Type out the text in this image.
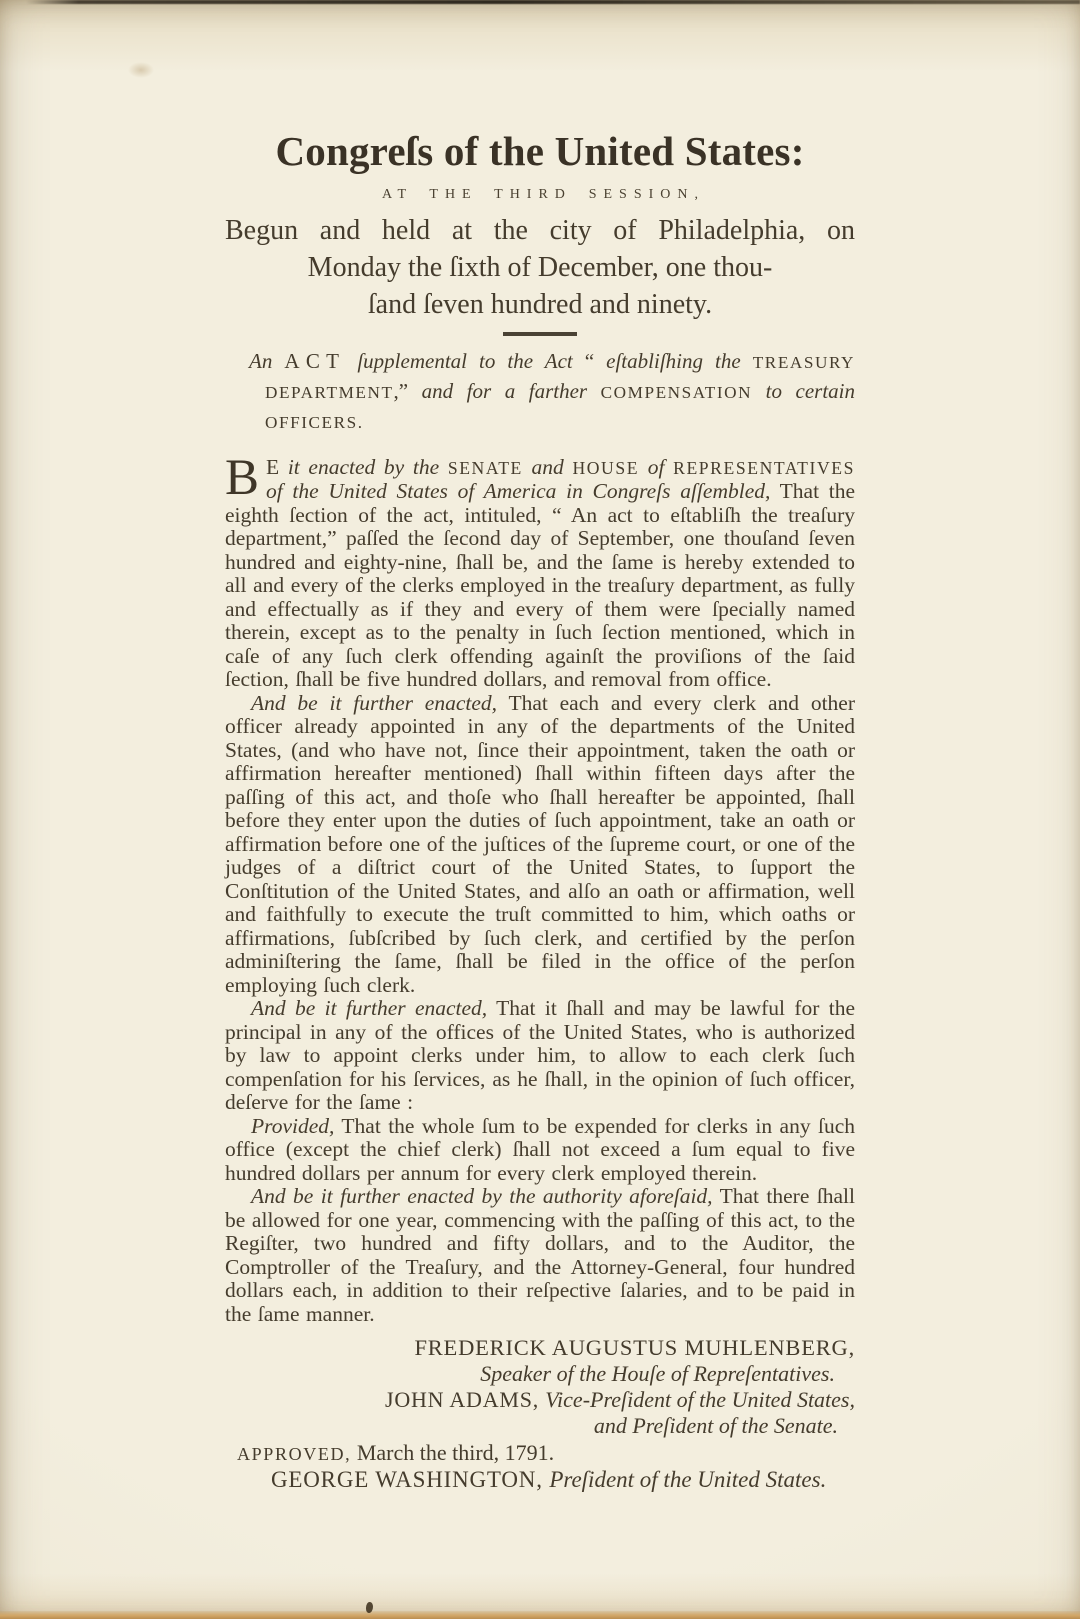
Congreſs of the United States:
AT THE THIRD SESSION,
Begun and held at the city of Philadelphia, on
Monday the ſixth of December, one thou-
ſand ſeven hundred and ninety.
An ACT ſupplemental to the Act “ eſtabliſhing the TREASURY DEPARTMENT,” and for a farther COMPENSATION to certain OFFICERS.

B E it enacted by the SENATE and HOUSE of REPRESENTATIVES of the United States of America in Congreſs aſſembled, That the eighth ſection of the act, intituled, “ An act to eſtabliſh the treaſury department,” paſſed the ſecond day of September, one thouſand ſeven hundred and eighty-nine, ſhall be, and the ſame is hereby extended to all and every of the clerks employed in the treaſury department, as fully and effectually as if they and every of them were ſpecially named therein, except as to the penalty in ſuch ſection mentioned, which in caſe of any ſuch clerk offending againſt the proviſions of the ſaid ſection, ſhall be five hundred dollars, and removal from office.

And be it further enacted, That each and every clerk and other officer already appointed in any of the departments of the United States, (and who have not, ſince their appointment, taken the oath or affirmation hereafter mentioned) ſhall within fifteen days after the paſſing of this act, and thoſe who ſhall hereafter be appointed, ſhall before they enter upon the duties of ſuch appointment, take an oath or affirmation before one of the juſtices of the ſupreme court, or one of the judges of a diſtrict court of the United States, to ſupport the Conſtitution of the United States, and alſo an oath or affirmation, well and faithfully to execute the truſt committed to him, which oaths or affirmations, ſubſcribed by ſuch clerk, and certified by the perſon adminiſtering the ſame, ſhall be filed in the office of the perſon employing ſuch clerk.

And be it further enacted, That it ſhall and may be lawful for the principal in any of the offices of the United States, who is authorized by law to appoint clerks under him, to allow to each clerk ſuch compenſation for his ſervices, as he ſhall, in the opinion of ſuch officer, deſerve for the ſame :

Provided, That the whole ſum to be expended for clerks in any ſuch office (except the chief clerk) ſhall not exceed a ſum equal to five hundred dollars per annum for every clerk employed therein.

And be it further enacted by the authority aforeſaid, That there ſhall be allowed for one year, commencing with the paſſing of this act, to the Regiſter, two hundred and fifty dollars, and to the Auditor, the Comptroller of the Treaſury, and the Attorney-General, four hundred dollars each, in addition to their reſpective ſalaries, and to be paid in the ſame manner.

FREDERICK AUGUSTUS MUHLENBERG,
Speaker of the Houſe of Repreſentatives.
JOHN ADAMS, Vice-Preſident of the United States,
and Preſident of the Senate.
APPROVED, March the third, 1791.
GEORGE WASHINGTON, Preſident of the United States.
